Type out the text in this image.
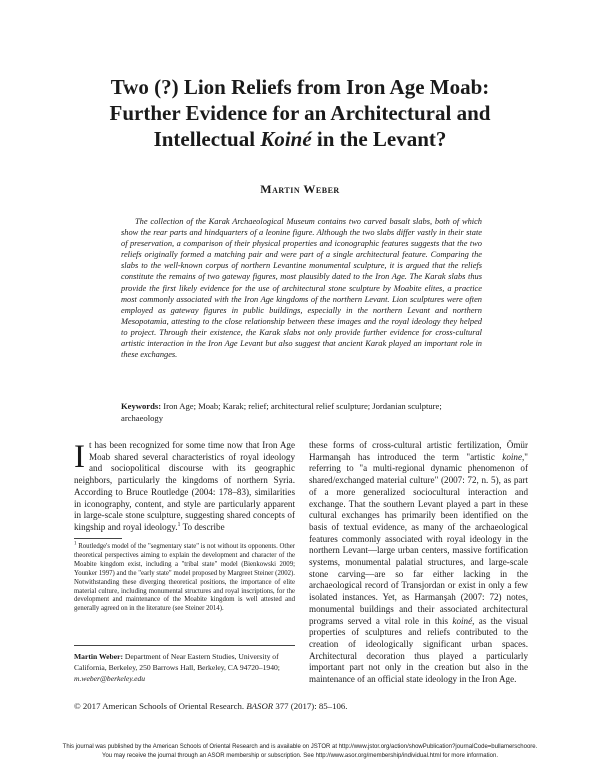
Two (?) Lion Reliefs from Iron Age Moab:
Further Evidence for an Architectural and
Intellectual Koiné in the Levant?
Martin Weber

The collection of the Karak Archaeological Museum contains two carved basalt slabs, both of which show the rear parts and hindquarters of a leonine figure. Although the two slabs differ vastly in their state of preservation, a comparison of their physical properties and iconographic features suggests that the two reliefs originally formed a matching pair and were part of a single architectural feature. Comparing the slabs to the well-known corpus of northern Levantine monumental sculpture, it is argued that the reliefs constitute the remains of two gateway figures, most plausibly dated to the Iron Age. The Karak slabs thus provide the first likely evidence for the use of architectural stone sculpture by Moabite elites, a practice most commonly associated with the Iron Age kingdoms of the northern Levant. Lion sculptures were often employed as gateway figures in public buildings, especially in the northern Levant and northern Mesopotamia, attesting to the close relationship between these images and the royal ideology they helped to project. Through their existence, the Karak slabs not only provide further evidence for cross-cultural artistic interaction in the Iron Age Levant but also suggest that ancient Karak played an important role in these exchanges.

Keywords: Iron Age; Moab; Karak; relief; architectural relief sculpture; Jordanian sculpture; archaeology

It has been recognized for some time now that Iron Age Moab shared several characteristics of royal ideology and sociopolitical discourse with its geographic neighbors, particularly the kingdoms of northern Syria. According to Bruce Routledge (2004: 178–83), similarities in iconography, content, and style are particularly apparent in large-scale stone sculpture, suggesting shared concepts of kingship and royal ideology.$^1$ To describe

$^1$ Routledge's model of the "segmentary state" is not without its opponents. Other theoretical perspectives aiming to explain the development and character of the Moabite kingdom exist, including a "tribal state" model (Bienkowski 2009; Younker 1997) and the "early state" model proposed by Margreet Steiner (2002). Notwithstanding these diverging theoretical positions, the importance of elite material culture, including monumental structures and royal inscriptions, for the development and maintenance of the Moabite kingdom is well attested and generally agreed on in the literature (see Steiner 2014).

Martin Weber: Department of Near Eastern Studies, University of California, Berkeley, 250 Barrows Hall, Berkeley, CA 94720–1940; m.weber@berkeley.edu

these forms of cross-cultural artistic fertilization, Ömür Harmanşah has introduced the term "artistic koine," referring to "a multi-regional dynamic phenomenon of shared/exchanged material culture" (2007: 72, n. 5), as part of a more generalized sociocultural interaction and exchange. That the southern Levant played a part in these cultural exchanges has primarily been identified on the basis of textual evidence, as many of the archaeological features commonly associated with royal ideology in the northern Levant—large urban centers, massive fortification systems, monumental palatial structures, and large-scale stone carving—are so far either lacking in the archaeological record of Transjordan or exist in only a few isolated instances. Yet, as Harmanşah (2007: 72) notes, monumental buildings and their associated architectural programs served a vital role in this koiné, as the visual properties of sculptures and reliefs contributed to the creation of ideologically significant urban spaces. Architectural decoration thus played a particularly important part not only in the creation but also in the maintenance of an official state ideology in the Iron Age.

© 2017 American Schools of Oriental Research. BASOR 377 (2017): 85–106.

This journal was published by the American Schools of Oriental Research and is available on JSTOR at http://www.jstor.org/action/showPublication?journalCode=bullamerschoore.
You may receive the journal through an ASOR membership or subscription. See http://www.asor.org/membership/individual.html for more information.
